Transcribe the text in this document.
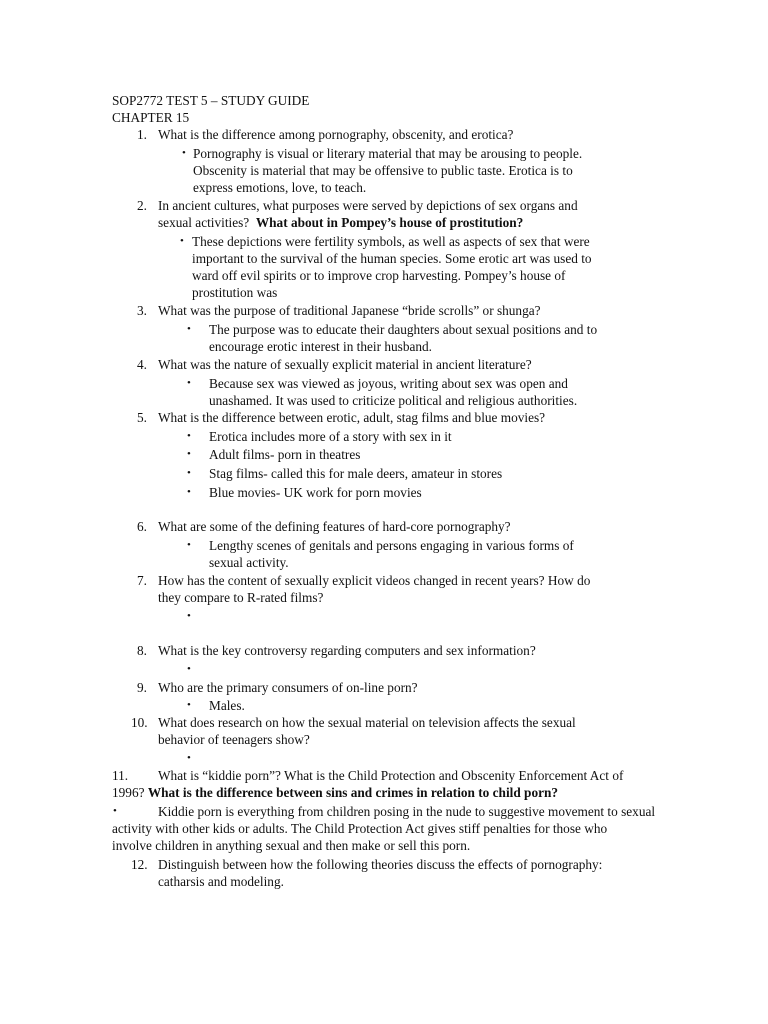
SOP2772 TEST 5 – STUDY GUIDE
CHAPTER 15
1. What is the difference among pornography, obscenity, and erotica?
• Pornography is visual or literary material that may be arousing to people.
Obscenity is material that may be offensive to public taste. Erotica is to
express emotions, love, to teach.
2. In ancient cultures, what purposes were served by depictions of sex organs and
sexual activities? What about in Pompey’s house of prostitution?
• These depictions were fertility symbols, as well as aspects of sex that were
important to the survival of the human species. Some erotic art was used to
ward off evil spirits or to improve crop harvesting. Pompey’s house of
prostitution was
3. What was the purpose of traditional Japanese “bride scrolls” or shunga?
• The purpose was to educate their daughters about sexual positions and to
encourage erotic interest in their husband.
4. What was the nature of sexually explicit material in ancient literature?
• Because sex was viewed as joyous, writing about sex was open and
unashamed. It was used to criticize political and religious authorities.
5. What is the difference between erotic, adult, stag films and blue movies?
• Erotica includes more of a story with sex in it
• Adult films- porn in theatres
• Stag films- called this for male deers, amateur in stores
• Blue movies- UK work for porn movies
6. What are some of the defining features of hard-core pornography?
• Lengthy scenes of genitals and persons engaging in various forms of
sexual activity.
7. How has the content of sexually explicit videos changed in recent years? How do
they compare to R-rated films?
•
8. What is the key controversy regarding computers and sex information?
•
9. Who are the primary consumers of on-line porn?
• Males.
10. What does research on how the sexual material on television affects the sexual
behavior of teenagers show?
•
11. What is “kiddie porn”? What is the Child Protection and Obscenity Enforcement Act of
1996? What is the difference between sins and crimes in relation to child porn?
•	Kiddie porn is everything from children posing in the nude to suggestive movement to sexual
activity with other kids or adults. The Child Protection Act gives stiff penalties for those who
involve children in anything sexual and then make or sell this porn.
12. Distinguish between how the following theories discuss the effects of pornography:
catharsis and modeling.
